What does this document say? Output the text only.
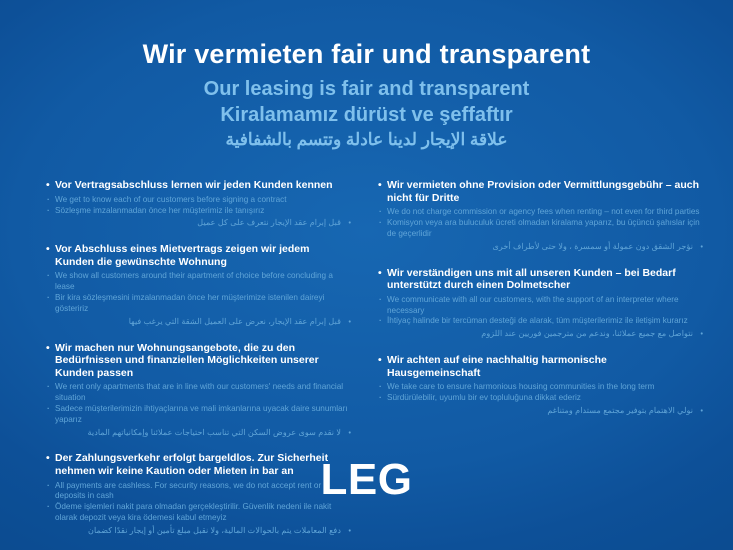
Wir vermieten fair und transparent

Our leasing is fair and transparent

Kiralamamız dürüst ve şeffaftır

علاقة الإيجار لدينا عادلة وتتسم بالشفافية

• Vor Vertragsabschluss lernen wir jeden Kunden kennen

· We get to know each of our customers before signing a contract

· Sözleşme imzalanmadan önce her müşterimiz ile tanışırız

• قبل إبرام عقد الإيجار نتعرف على كل عميل

• Vor Abschluss eines Mietvertrags zeigen wir jedem Kunden die gewünschte Wohnung

· We show all customers around their apartment of choice before concluding a lease

· Bir kira sözleşmesini imzalanmadan önce her müşterimize istenilen daireyi gösteririz

• قبل إبرام عقد الإيجار، نعرض على العميل الشقة التي يرغب فيها

• Wir machen nur Wohnungsangebote, die zu den Bedürfnissen und finanziellen Möglichkeiten unserer Kunden passen

· We rent only apartments that are in line with our customers' needs and financial situation

· Sadece müşterilerimizin ihtiyaçlarına ve mali imkanlarına uyacak daire sunumları yaparız

• لا نقدم سوى عروض السكن التي تناسب احتياجات عملائنا وإمكانياتهم المادية

• Der Zahlungsverkehr erfolgt bargeldlos. Zur Sicherheit nehmen wir keine Kaution oder Mieten in bar an

· All payments are cashless. For security reasons, we do not accept rent or deposits in cash

· Ödeme işlemleri nakit para olmadan gerçekleştirilir. Güvenlik nedeni ile nakit olarak depozit veya kira ödemesi kabul etmeyiz

• دفع المعاملات يتم بالحوالات المالية، ولا نقبل مبلغ تأمين أو إيجار نقدًا كضمان

• Wir vermieten ohne Provision oder Vermittlungsgebühr – auch nicht für Dritte

· We do not charge commission or agency fees when renting – not even for third parties

· Komisyon veya ara buluculuk ücreti olmadan kiralama yaparız, bu üçüncü şahıslar için de geçerlidir

• نؤجر الشقق دون عمولة أو سمسرة ، ولا حتى لأطراف أخرى

• Wir verständigen uns mit all unseren Kunden – bei Bedarf unterstützt durch einen Dolmetscher

· We communicate with all our customers, with the support of an interpreter where necessary

· İhtiyaç halinde bir tercüman desteği de alarak, tüm müşterilerimiz ile iletişim kurarız

• نتواصل مع جميع عملائنا، وندعم من مترجمين فوريين عند اللزوم

• Wir achten auf eine nachhaltig harmonische Hausgemeinschaft

· We take care to ensure harmonious housing communities in the long term

· Sürdürülebilir, uyumlu bir ev topluluğuna dikkat ederiz

• نولي الاهتمام بتوفير مجتمع مستدام ومتناغم

LEG
